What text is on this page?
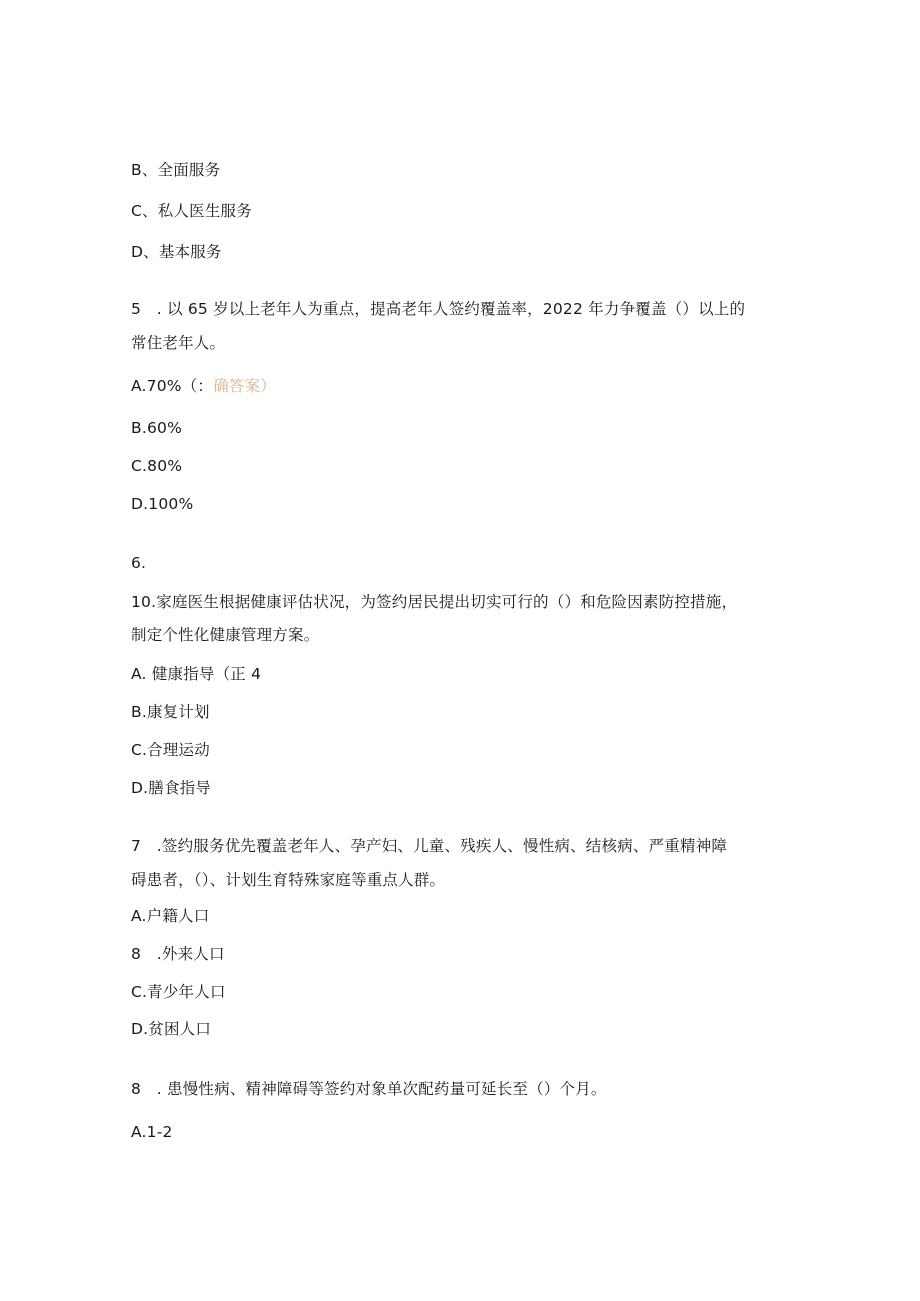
B、全面服务
C、私人医生服务
D、基本服务
5　. 以 65 岁以上老年人为重点，提高老年人签约覆盖率，2022 年力争覆盖（）以上的
常住老年人。
A.70%（：确答案）
B.60%
C.80%
D.100%
6.
10.家庭医生根据健康评估状况，为签约居民提出切实可行的（）和危险因素防控措施，
制定个性化健康管理方案。
A. 健康指导（正 4
B.康复计划
C.合理运动
D.膳食指导
7　.签约服务优先覆盖老年人、孕产妇、儿童、残疾人、慢性病、结核病、严重精神障
碍患者，（）、计划生育特殊家庭等重点人群。
A.户籍人口
8　.外来人口
C.青少年人口
D.贫困人口
8　. 患慢性病、精神障碍等签约对象单次配药量可延长至（）个月。
A.1-2
